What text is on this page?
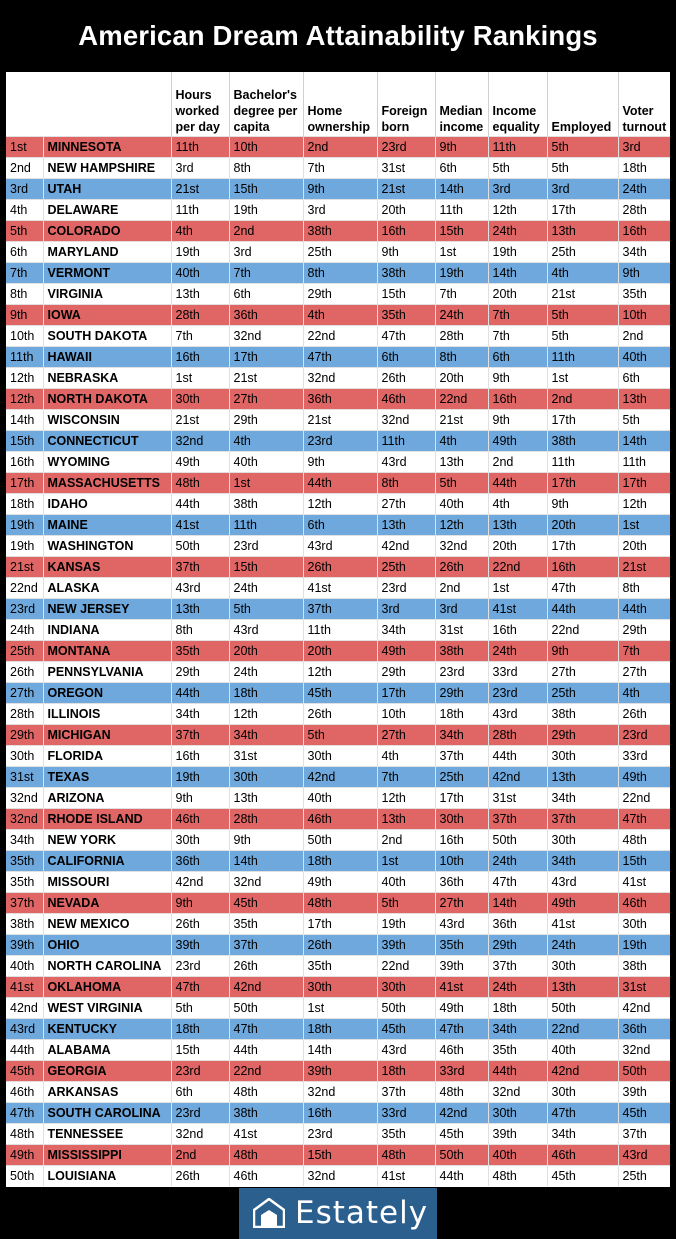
American Dream Attainability Rankings
		Hours worked per day	Bachelor's degree per capita	Home ownership	Foreign born	Median income	Income equality	Employed	Voter turnout
1st	MINNESOTA	11th	10th	2nd	23rd	9th	11th	5th	3rd
2nd	NEW HAMPSHIRE	3rd	8th	7th	31st	6th	5th	5th	18th
3rd	UTAH	21st	15th	9th	21st	14th	3rd	3rd	24th
4th	DELAWARE	11th	19th	3rd	20th	11th	12th	17th	28th
5th	COLORADO	4th	2nd	38th	16th	15th	24th	13th	16th
6th	MARYLAND	19th	3rd	25th	9th	1st	19th	25th	34th
7th	VERMONT	40th	7th	8th	38th	19th	14th	4th	9th
8th	VIRGINIA	13th	6th	29th	15th	7th	20th	21st	35th
9th	IOWA	28th	36th	4th	35th	24th	7th	5th	10th
10th	SOUTH DAKOTA	7th	32nd	22nd	47th	28th	7th	5th	2nd
11th	HAWAII	16th	17th	47th	6th	8th	6th	11th	40th
12th	NEBRASKA	1st	21st	32nd	26th	20th	9th	1st	6th
12th	NORTH DAKOTA	30th	27th	36th	46th	22nd	16th	2nd	13th
14th	WISCONSIN	21st	29th	21st	32nd	21st	9th	17th	5th
15th	CONNECTICUT	32nd	4th	23rd	11th	4th	49th	38th	14th
16th	WYOMING	49th	40th	9th	43rd	13th	2nd	11th	11th
17th	MASSACHUSETTS	48th	1st	44th	8th	5th	44th	17th	17th
18th	IDAHO	44th	38th	12th	27th	40th	4th	9th	12th
19th	MAINE	41st	11th	6th	13th	12th	13th	20th	1st
19th	WASHINGTON	50th	23rd	43rd	42nd	32nd	20th	17th	20th
21st	KANSAS	37th	15th	26th	25th	26th	22nd	16th	21st
22nd	ALASKA	43rd	24th	41st	23rd	2nd	1st	47th	8th
23rd	NEW JERSEY	13th	5th	37th	3rd	3rd	41st	44th	44th
24th	INDIANA	8th	43rd	11th	34th	31st	16th	22nd	29th
25th	MONTANA	35th	20th	20th	49th	38th	24th	9th	7th
26th	PENNSYLVANIA	29th	24th	12th	29th	23rd	33rd	27th	27th
27th	OREGON	44th	18th	45th	17th	29th	23rd	25th	4th
28th	ILLINOIS	34th	12th	26th	10th	18th	43rd	38th	26th
29th	MICHIGAN	37th	34th	5th	27th	34th	28th	29th	23rd
30th	FLORIDA	16th	31st	30th	4th	37th	44th	30th	33rd
31st	TEXAS	19th	30th	42nd	7th	25th	42nd	13th	49th
32nd	ARIZONA	9th	13th	40th	12th	17th	31st	34th	22nd
32nd	RHODE ISLAND	46th	28th	46th	13th	30th	37th	37th	47th
34th	NEW YORK	30th	9th	50th	2nd	16th	50th	30th	48th
35th	CALIFORNIA	36th	14th	18th	1st	10th	24th	34th	15th
35th	MISSOURI	42nd	32nd	49th	40th	36th	47th	43rd	41st
37th	NEVADA	9th	45th	48th	5th	27th	14th	49th	46th
38th	NEW MEXICO	26th	35th	17th	19th	43rd	36th	41st	30th
39th	OHIO	39th	37th	26th	39th	35th	29th	24th	19th
40th	NORTH CAROLINA	23rd	26th	35th	22nd	39th	37th	30th	38th
41st	OKLAHOMA	47th	42nd	30th	30th	41st	24th	13th	31st
42nd	WEST VIRGINIA	5th	50th	1st	50th	49th	18th	50th	42nd
43rd	KENTUCKY	18th	47th	18th	45th	47th	34th	22nd	36th
44th	ALABAMA	15th	44th	14th	43rd	46th	35th	40th	32nd
45th	GEORGIA	23rd	22nd	39th	18th	33rd	44th	42nd	50th
46th	ARKANSAS	6th	48th	32nd	37th	48th	32nd	30th	39th
47th	SOUTH CAROLINA	23rd	38th	16th	33rd	42nd	30th	47th	45th
48th	TENNESSEE	32nd	41st	23rd	35th	45th	39th	34th	37th
49th	MISSISSIPPI	2nd	48th	15th	48th	50th	40th	46th	43rd
50th	LOUISIANA	26th	46th	32nd	41st	44th	48th	45th	25th
Estately
